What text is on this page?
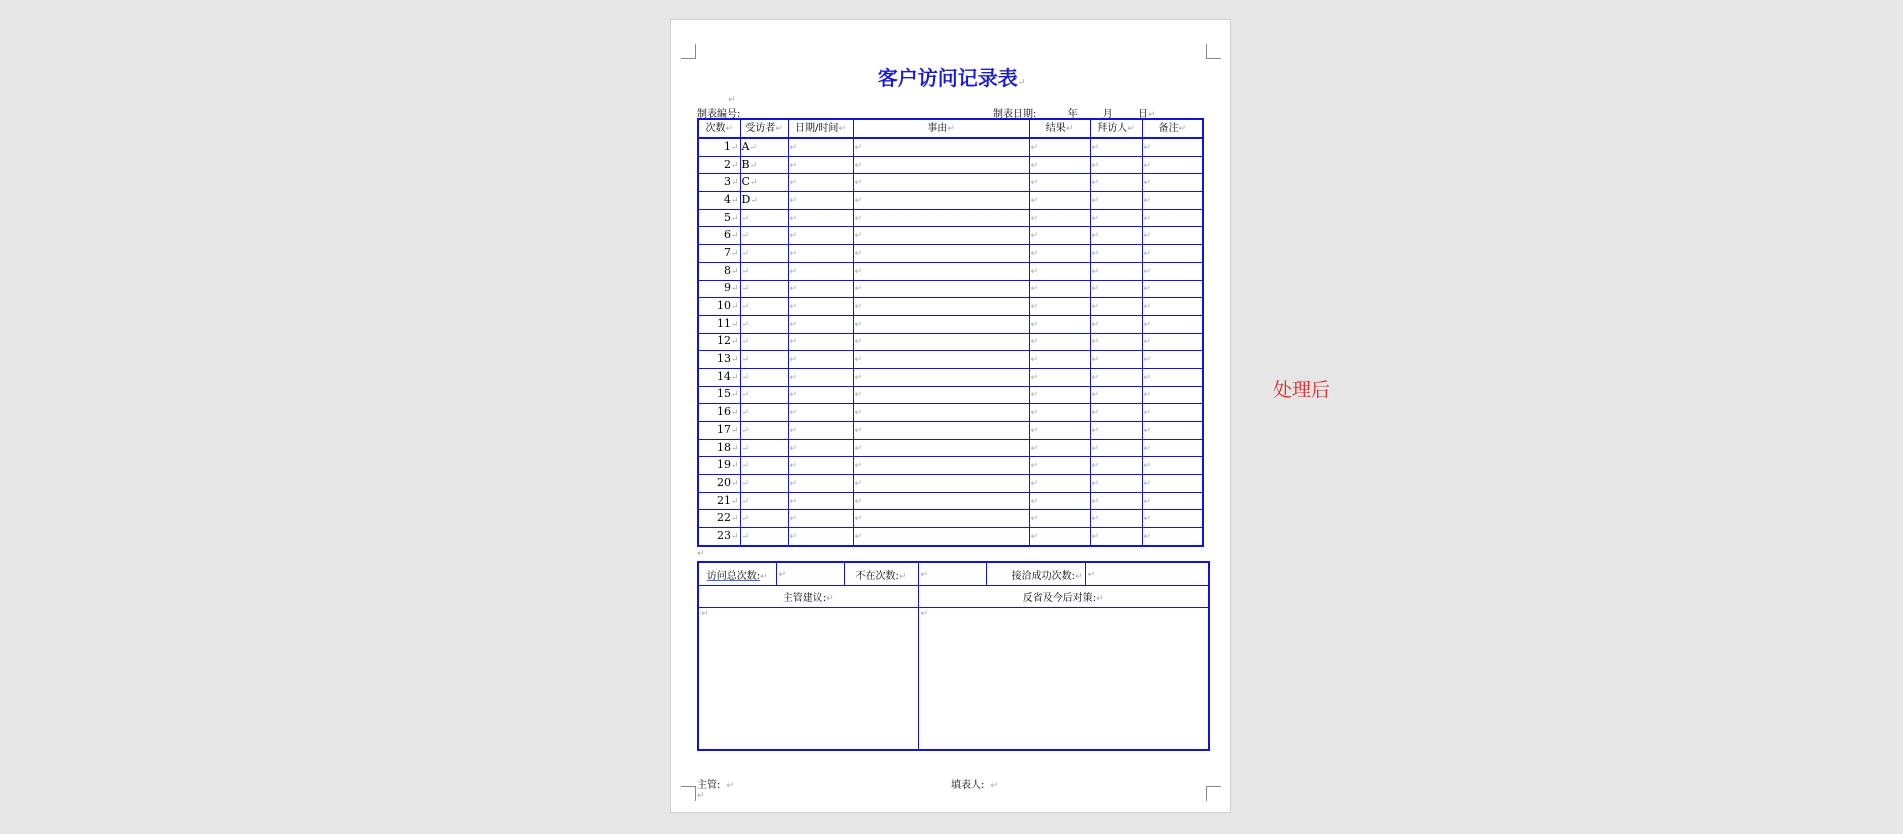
客户访问记录表↵
↵
制表编号:	制表日期:	年	月	日↵
次数↵	受访者↵	日期/时间↵	事由↵	结果↵	拜访人↵	备注↵
1↵	A↵	↵	↵	↵	↵	↵
2↵	B↵	↵	↵	↵	↵	↵
3↵	C↵	↵	↵	↵	↵	↵
4↵	D↵	↵	↵	↵	↵	↵
5↵	↵	↵	↵	↵	↵	↵
6↵	↵	↵	↵	↵	↵	↵
7↵	↵	↵	↵	↵	↵	↵
8↵	↵	↵	↵	↵	↵	↵
9↵	↵	↵	↵	↵	↵	↵
10↵	↵	↵	↵	↵	↵	↵
11↵	↵	↵	↵	↵	↵	↵
12↵	↵	↵	↵	↵	↵	↵
13↵	↵	↵	↵	↵	↵	↵
14↵	↵	↵	↵	↵	↵	↵
15↵	↵	↵	↵	↵	↵	↵
16↵	↵	↵	↵	↵	↵	↵
17↵	↵	↵	↵	↵	↵	↵
18↵	↵	↵	↵	↵	↵	↵
19↵	↵	↵	↵	↵	↵	↵
20↵	↵	↵	↵	↵	↵	↵
21↵	↵	↵	↵	↵	↵	↵
22↵	↵	↵	↵	↵	↵	↵
23↵	↵	↵	↵	↵	↵	↵
↵
访问总次数:↵	↵	不在次数:↵	↵	接洽成功次数:↵	↵
主管建议:↵			反省及今后对策:↵		
↵			↵		
主管: ↵	填表人: ↵
↵
处理后
